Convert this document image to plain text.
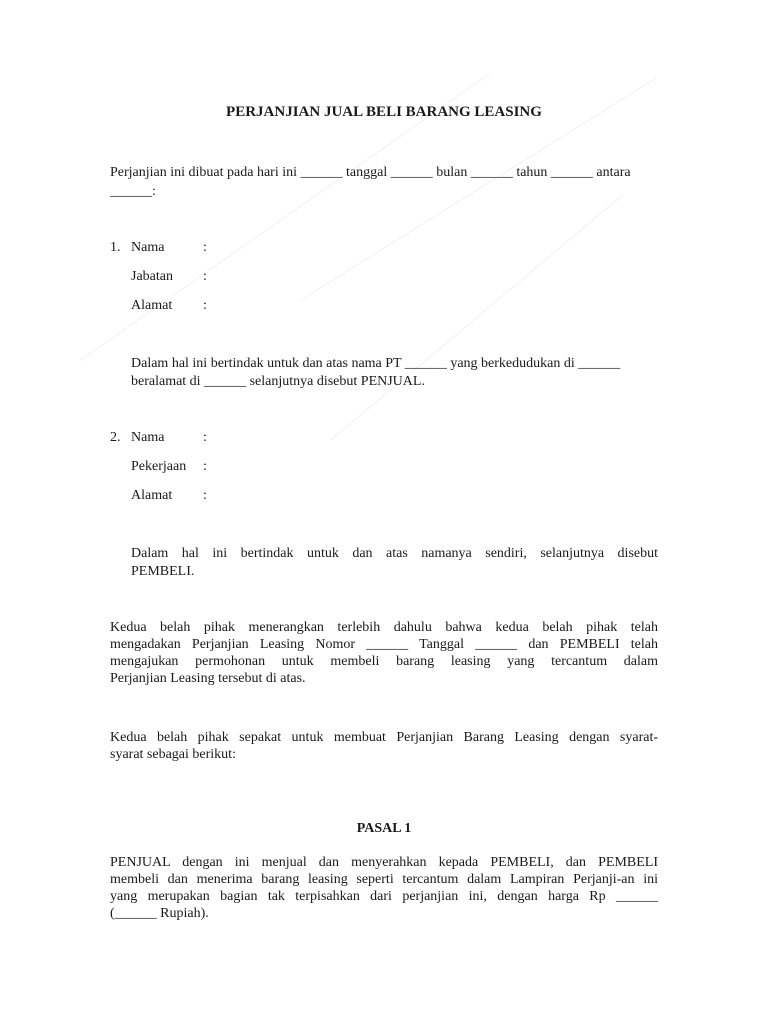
PERJANJIAN JUAL BELI BARANG LEASING
Perjanjian ini dibuat pada hari ini ______ tanggal ______ bulan ______ tahun ______ antara
______:
1. Nama	:
Jabatan :
Alamat :
Dalam hal ini bertindak untuk dan atas nama PT ______ yang berkedudukan di ______
beralamat di ______ selanjutnya disebut PENJUAL.
2. Nama	:
Pekerjaan :
Alamat :
Dalam hal ini bertindak untuk dan atas namanya sendiri, selanjutnya disebut
PEMBELI.
Kedua belah pihak menerangkan terlebih dahulu bahwa kedua belah pihak telah
mengadakan Perjanjian Leasing Nomor ______ Tanggal ______ dan PEMBELI telah
mengajukan permohonan untuk membeli barang leasing yang tercantum dalam
Perjanjian Leasing tersebut di atas.
Kedua belah pihak sepakat untuk membuat Perjanjian Barang Leasing dengan syarat-
syarat sebagai berikut:
PASAL 1
PENJUAL dengan ini menjual dan menyerahkan kepada PEMBELI, dan PEMBELI
membeli dan menerima barang leasing seperti tercantum dalam Lampiran Perjanji-an ini
yang merupakan bagian tak terpisahkan dari perjanjian ini, dengan harga Rp ______
(______ Rupiah).
